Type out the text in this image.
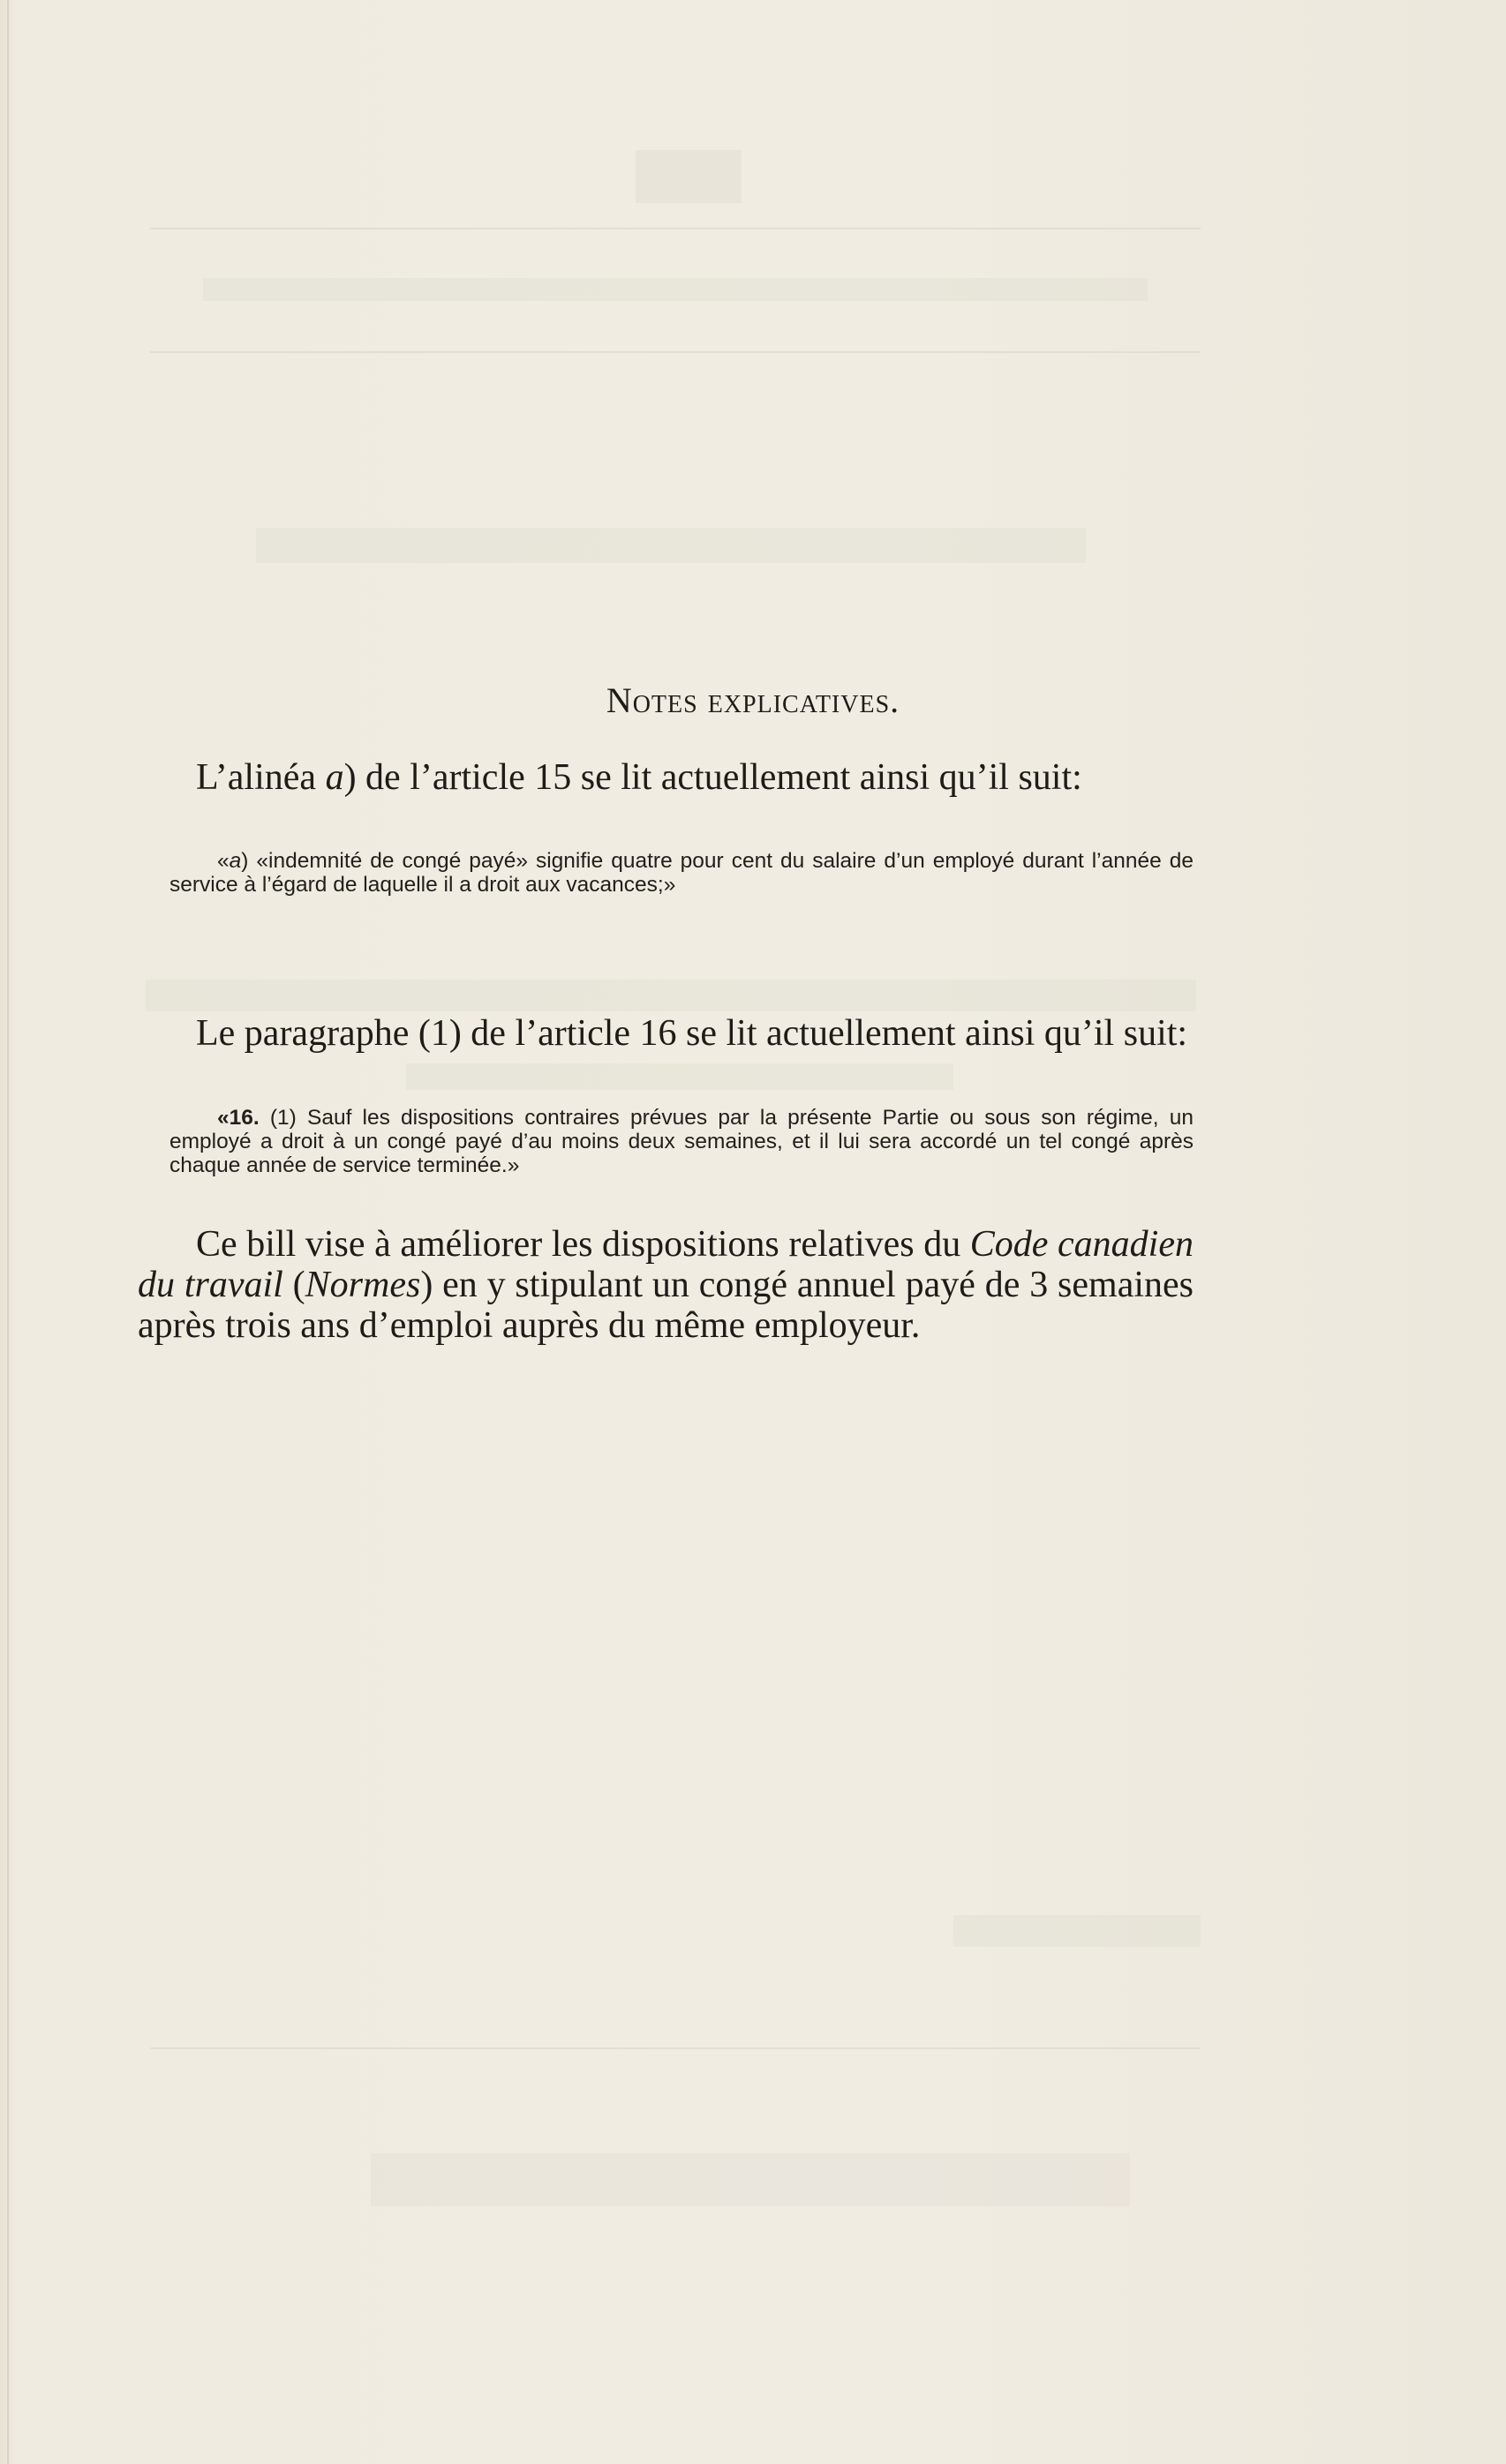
Notes explicatives.

L’alinéa a) de l’article 15 se lit actuellement ainsi qu’il suit:

«a) «indemnité de congé payé» signifie quatre pour cent du salaire d’un employé durant l’année de service à l’égard de laquelle il a droit aux vacances;»

Le paragraphe (1) de l’article 16 se lit actuellement ainsi qu’il suit:

«16. (1) Sauf les dispositions contraires prévues par la présente Partie ou sous son régime, un employé a droit à un congé payé d’au moins deux semaines, et il lui sera accordé un tel congé après chaque année de service terminée.»

Ce bill vise à améliorer les dispositions relatives du Code canadien du travail (Normes) en y stipulant un congé annuel payé de 3 semaines après trois ans d’emploi auprès du même employeur.
